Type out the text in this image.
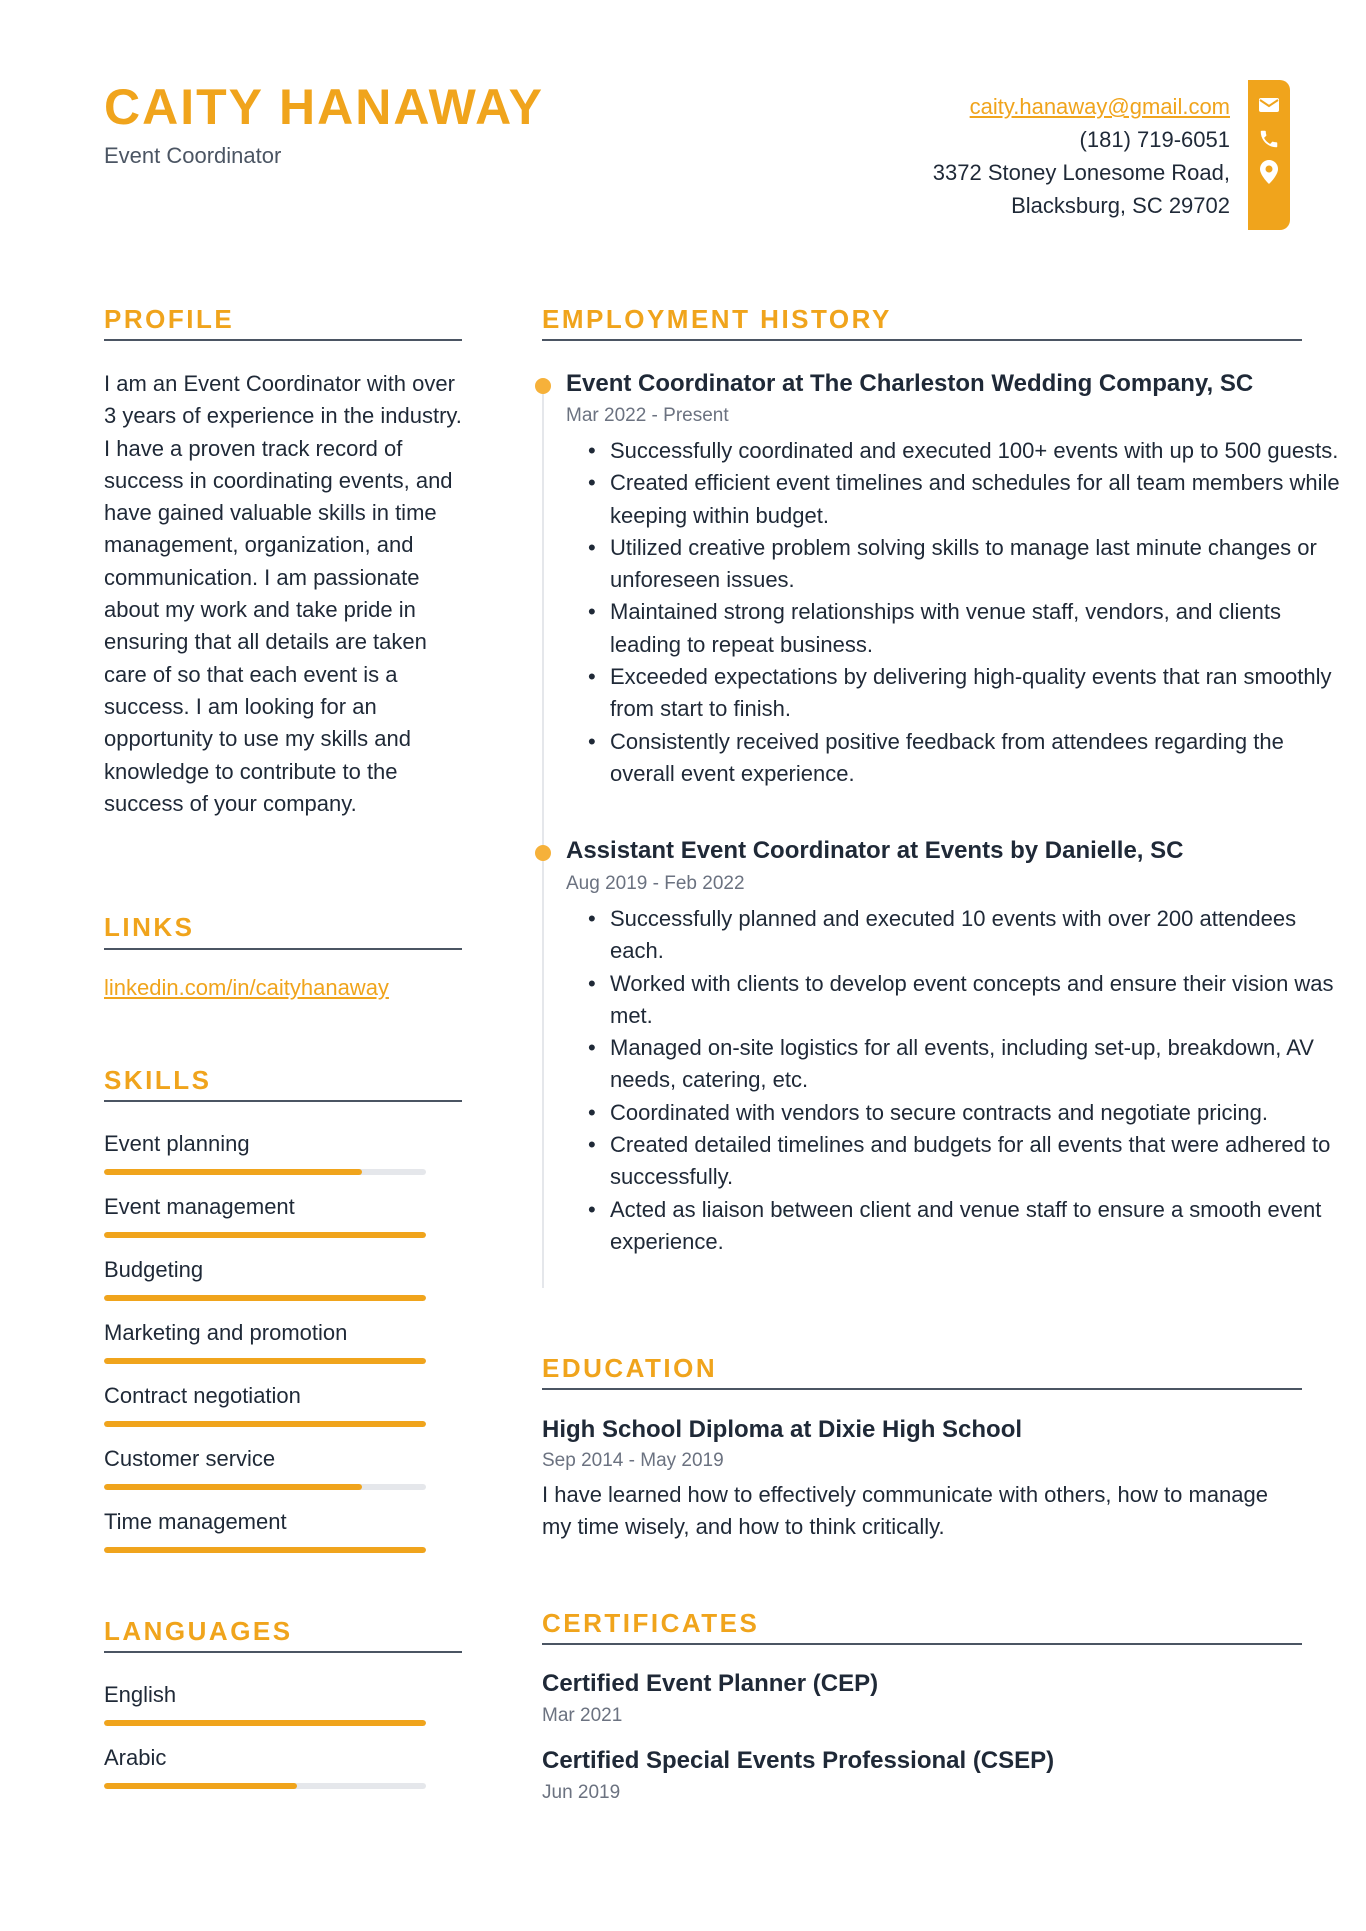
CAITY HANAWAY
Event Coordinator
caity.hanaway@gmail.com
(181) 719-6051
3372 Stoney Lonesome Road,
Blacksburg, SC 29702
PROFILE
I am an Event Coordinator with over 3 years of experience in the industry. I have a proven track record of success in coordinating events, and have gained valuable skills in time management, organization, and communication. I am passionate about my work and take pride in ensuring that all details are taken care of so that each event is a success. I am looking for an opportunity to use my skills and knowledge to contribute to the success of your company.
LINKS
linkedin.com/in/caityhanaway
SKILLS
Event planning
Event management
Budgeting
Marketing and promotion
Contract negotiation
Customer service
Time management
LANGUAGES
English
Arabic
EMPLOYMENT HISTORY
Event Coordinator at The Charleston Wedding Company, SC
Mar 2022 - Present
• Successfully coordinated and executed 100+ events with up to 500 guests.
• Created efficient event timelines and schedules for all team members while keeping within budget.
• Utilized creative problem solving skills to manage last minute changes or unforeseen issues.
• Maintained strong relationships with venue staff, vendors, and clients leading to repeat business.
• Exceeded expectations by delivering high-quality events that ran smoothly from start to finish.
• Consistently received positive feedback from attendees regarding the overall event experience.
Assistant Event Coordinator at Events by Danielle, SC
Aug 2019 - Feb 2022
• Successfully planned and executed 10 events with over 200 attendees each.
• Worked with clients to develop event concepts and ensure their vision was met.
• Managed on-site logistics for all events, including set-up, breakdown, AV needs, catering, etc.
• Coordinated with vendors to secure contracts and negotiate pricing.
• Created detailed timelines and budgets for all events that were adhered to successfully.
• Acted as liaison between client and venue staff to ensure a smooth event experience.
EDUCATION
High School Diploma at Dixie High School
Sep 2014 - May 2019
I have learned how to effectively communicate with others, how to manage my time wisely, and how to think critically.
CERTIFICATES
Certified Event Planner (CEP)
Mar 2021
Certified Special Events Professional (CSEP)
Jun 2019
